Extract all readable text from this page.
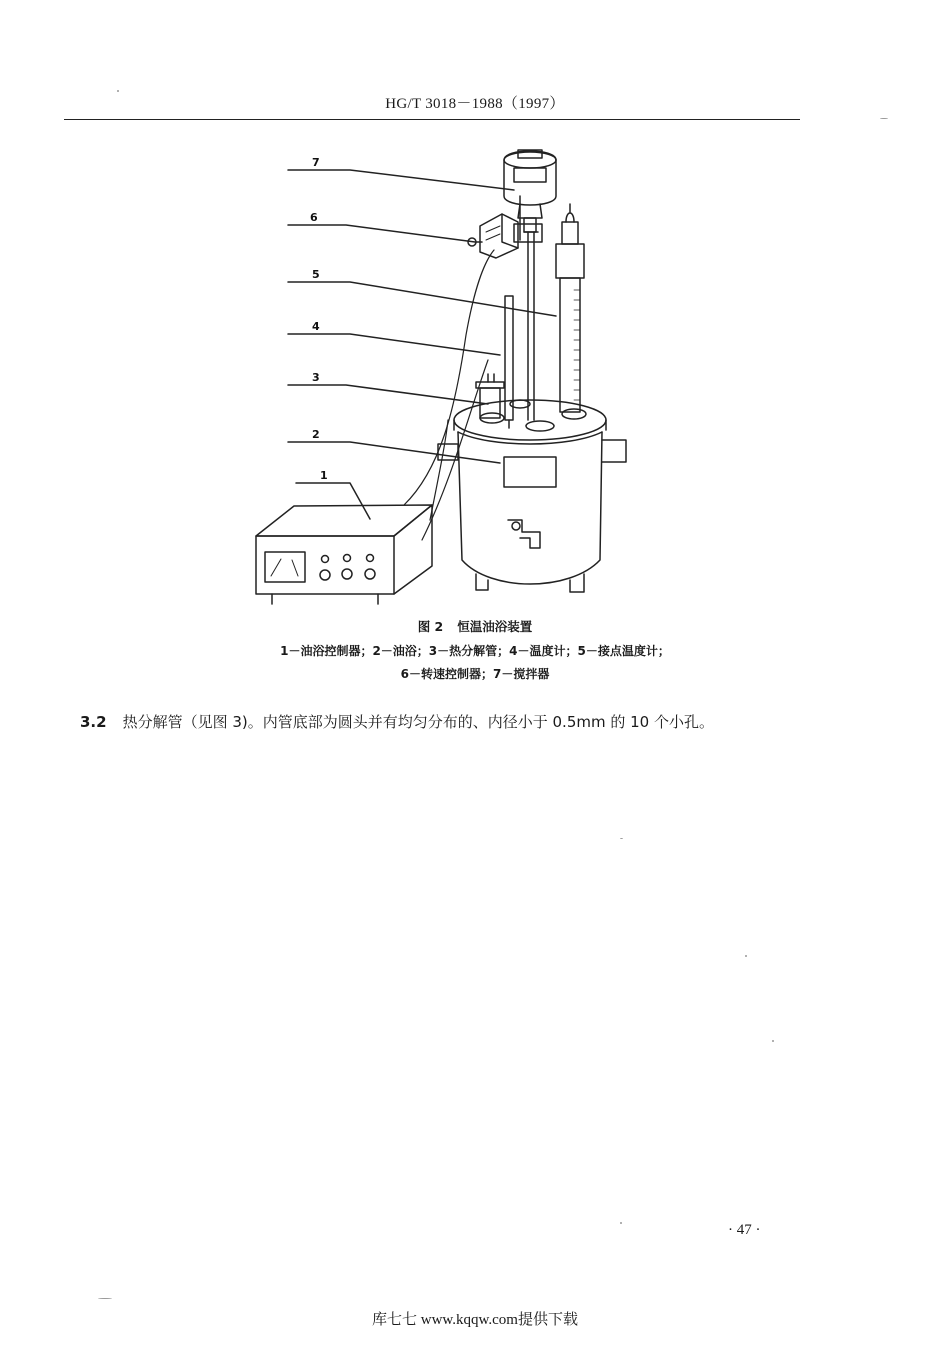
HG/T 3018－1988（1997）
7
6
5
4
3
2
1
图 2 恒温油浴装置
1－油浴控制器；2－油浴；3－热分解管；4－温度计；5－接点温度计；
6－转速控制器；7－搅拌器
3.2 热分解管（见图 3)。内管底部为圆头并有均匀分布的、内径小于 0.5mm 的 10 个小孔。
· 47 ·
库七七 www.kqqw.com提供下载
